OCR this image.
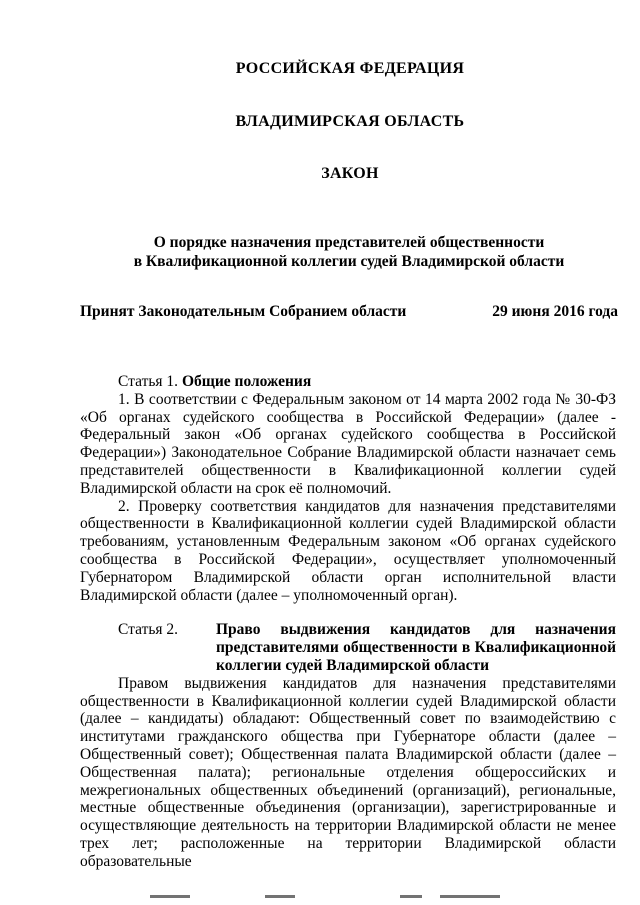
РОССИЙСКАЯ ФЕДЕРАЦИЯ
ВЛАДИМИРСКАЯ ОБЛАСТЬ
ЗАКОН
О порядке назначения представителей общественности
в Квалификационной коллегии судей Владимирской области
Принят Законодательным Собранием области	29 июня 2016 года

Статья 1. Общие положения

1. В соответствии с Федеральным законом от 14 марта 2002 года № 30-ФЗ «Об органах судейского сообщества в Российской Федерации» (далее - Федеральный закон «Об органах судейского сообщества в Российской Федерации») Законодательное Собрание Владимирской области назначает семь представителей общественности в Квалификационной коллегии судей Владимирской области на срок её полномочий.

2. Проверку соответствия кандидатов для назначения представителями общественности в Квалификационной коллегии судей Владимирской области требованиям, установленным Федеральным законом «Об органах судейского сообщества в Российской Федерации», осуществляет уполномоченный Губернатором Владимирской области орган исполнительной власти Владимирской области (далее – уполномоченный орган).

Статья 2.	Право выдвижения кандидатов для назначения
представителями общественности в Квалификационной
коллегии судей Владимирской области

Правом выдвижения кандидатов для назначения представителями общественности в Квалификационной коллегии судей Владимирской области (далее – кандидаты) обладают: Общественный совет по взаимодействию с институтами гражданского общества при Губернаторе области (далее – Общественный совет); Общественная палата Владимирской области (далее – Общественная палата); региональные отделения общероссийских и межрегиональных общественных объединений (организаций), региональные, местные общественные объединения (организации), зарегистрированные и осуществляющие деятельность на территории Владимирской области не менее трех лет; расположенные на территории Владимирской области образовательные
